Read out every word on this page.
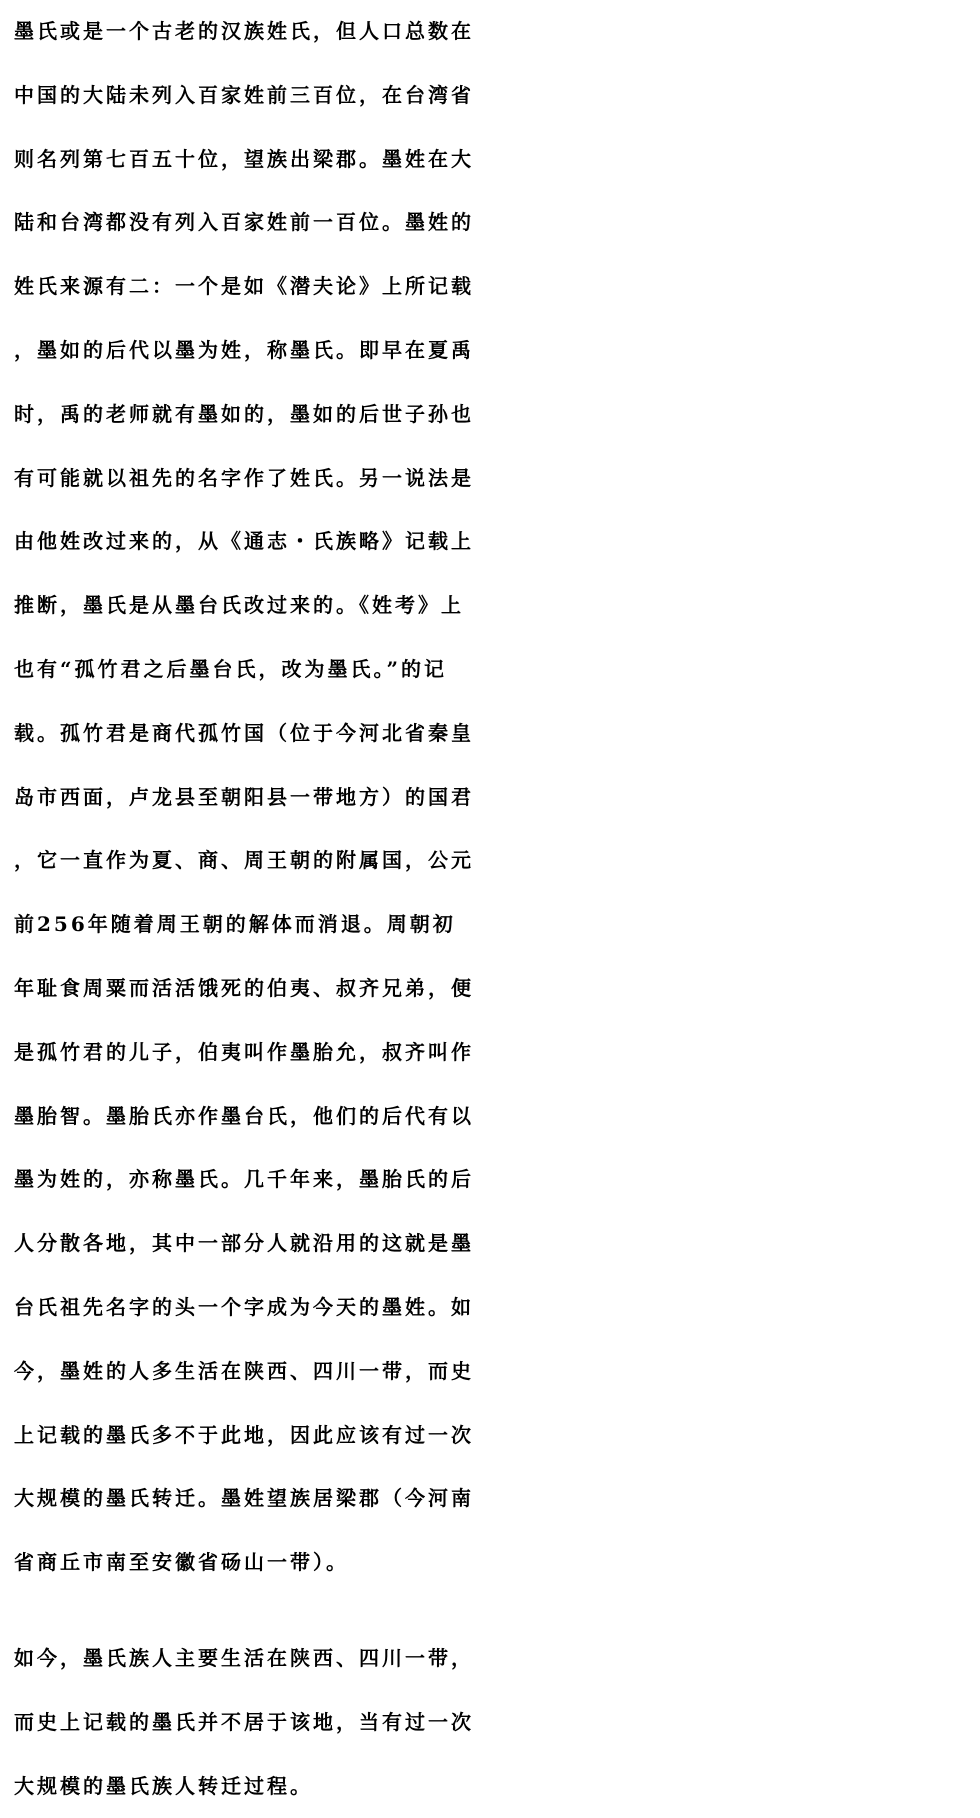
墨氏或是一个古老的汉族姓氏，但人口总数在
中国的大陆未列入百家姓前三百位，在台湾省
则名列第七百五十位，望族出梁郡。墨姓在大
陆和台湾都没有列入百家姓前一百位。墨姓的
姓氏来源有二：一个是如《潜夫论》上所记载
，墨如的后代以墨为姓，称墨氏。即早在夏禹
时，禹的老师就有墨如的，墨如的后世子孙也
有可能就以祖先的名字作了姓氏。另一说法是
由他姓改过来的，从《通志・氏族略》记载上
推断，墨氏是从墨台氏改过来的。《姓考》上
也有“孤竹君之后墨台氏，改为墨氏。”的记
载。孤竹君是商代孤竹国（位于今河北省秦皇
岛市西面，卢龙县至朝阳县一带地方）的国君
，它一直作为夏、商、周王朝的附属国，公元
前256年随着周王朝的解体而消退。周朝初
年耻食周粟而活活饿死的伯夷、叔齐兄弟，便
是孤竹君的儿子，伯夷叫作墨胎允，叔齐叫作
墨胎智。墨胎氏亦作墨台氏，他们的后代有以
墨为姓的，亦称墨氏。几千年来，墨胎氏的后
人分散各地，其中一部分人就沿用的这就是墨
台氏祖先名字的头一个字成为今天的墨姓。如
今，墨姓的人多生活在陕西、四川一带，而史
上记载的墨氏多不于此地，因此应该有过一次
大规模的墨氏转迁。墨姓望族居梁郡（今河南
省商丘市南至安徽省砀山一带）。
如今，墨氏族人主要生活在陕西、四川一带，
而史上记载的墨氏并不居于该地，当有过一次
大规模的墨氏族人转迁过程。
